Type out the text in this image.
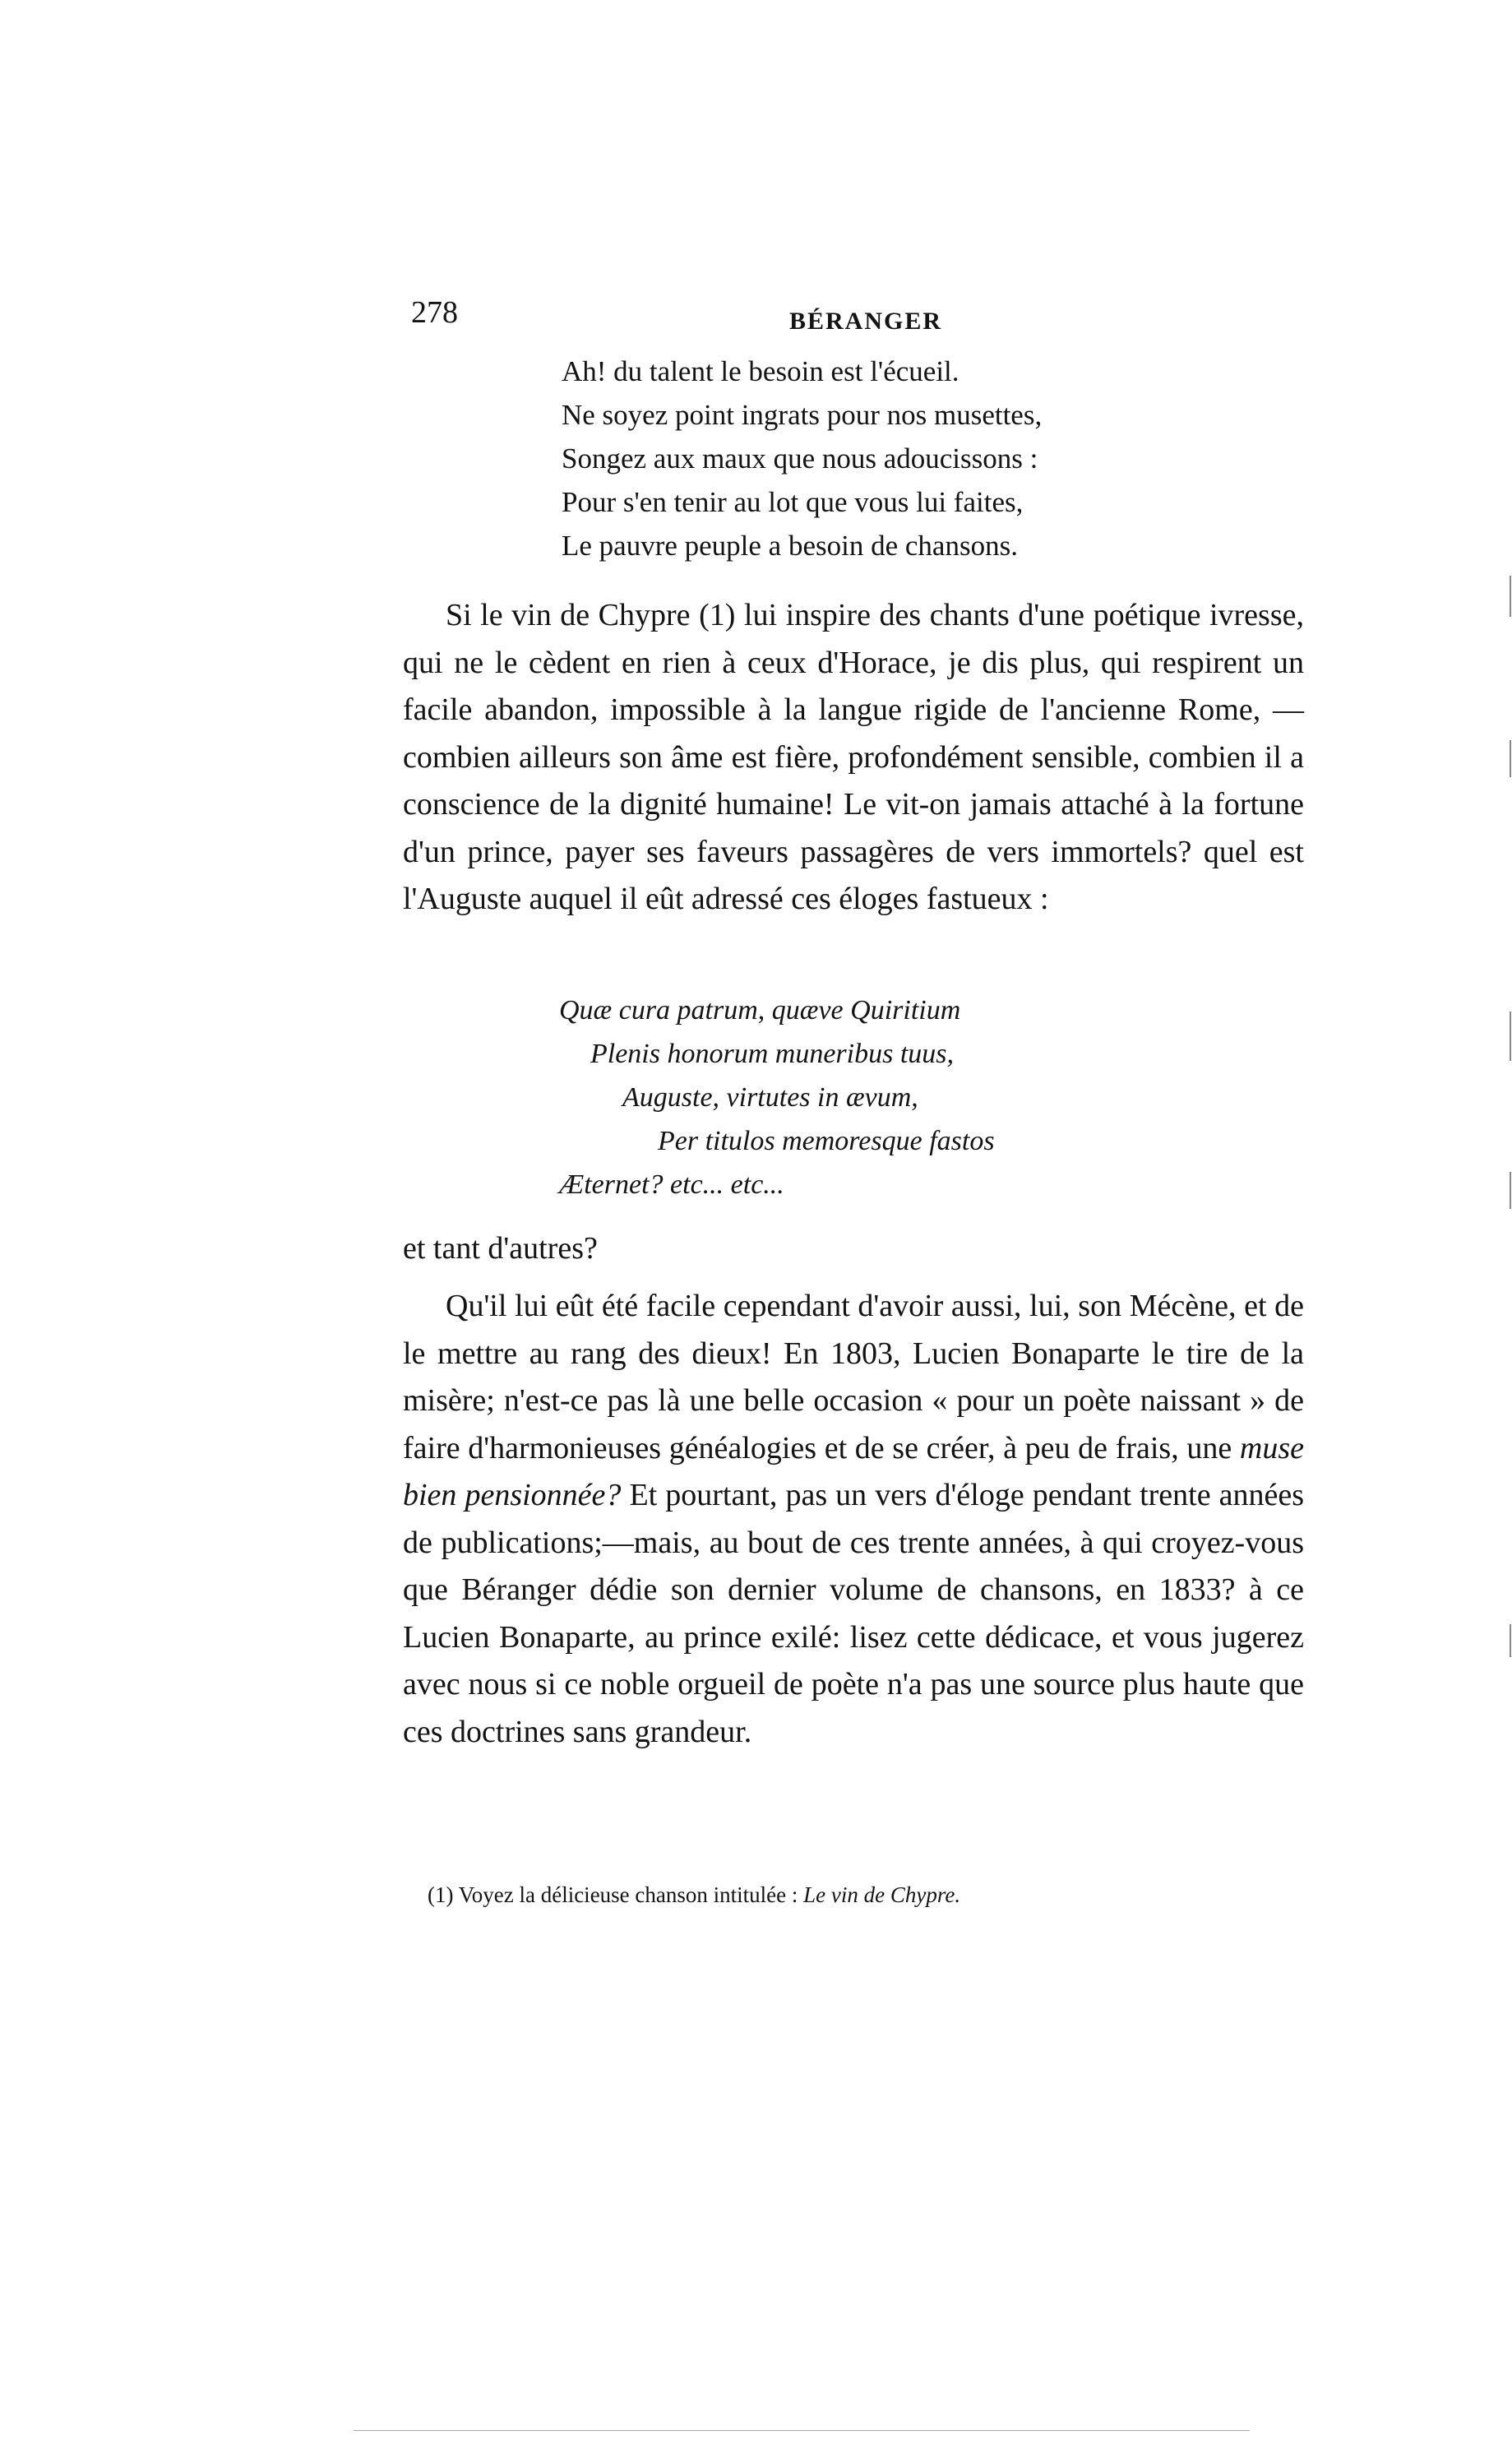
278	BÉRANGER
Ah! du talent le besoin est l'écueil.
Ne soyez point ingrats pour nos musettes,
Songez aux maux que nous adoucissons :
Pour s'en tenir au lot que vous lui faites,
Le pauvre peuple a besoin de chansons.

Si le vin de Chypre (1) lui inspire des chants d'une poétique ivresse, qui ne le cèdent en rien à ceux d'Horace, je dis plus, qui respirent un facile abandon, impossible à la langue rigide de l'ancienne Rome, — combien ailleurs son âme est fière, profondément sensible, combien il a conscience de la dignité humaine! Le vit-on jamais attaché à la fortune d'un prince, payer ses faveurs passagères de vers immortels? quel est l'Auguste auquel il eût adressé ces éloges fastueux :

Quæ cura patrum, quæve Quiritium
Plenis honorum muneribus tuus,
Auguste, virtutes in ævum,
Per titulos memoresque fastos
Æternet? etc... etc...

et tant d'autres?

Qu'il lui eût été facile cependant d'avoir aussi, lui, son Mécène, et de le mettre au rang des dieux! En 1803, Lucien Bonaparte le tire de la misère; n'est-ce pas là une belle occasion « pour un poète naissant » de faire d'harmonieuses généalogies et de se créer, à peu de frais, une muse bien pensionnée? Et pourtant, pas un vers d'éloge pendant trente années de publications;—mais, au bout de ces trente années, à qui croyez-vous que Béranger dédie son dernier volume de chansons, en 1833? à ce Lucien Bonaparte, au prince exilé: lisez cette dédicace, et vous jugerez avec nous si ce noble orgueil de poète n'a pas une source plus haute que ces doctrines sans grandeur.

(1) Voyez la délicieuse chanson intitulée : Le vin de Chypre.
